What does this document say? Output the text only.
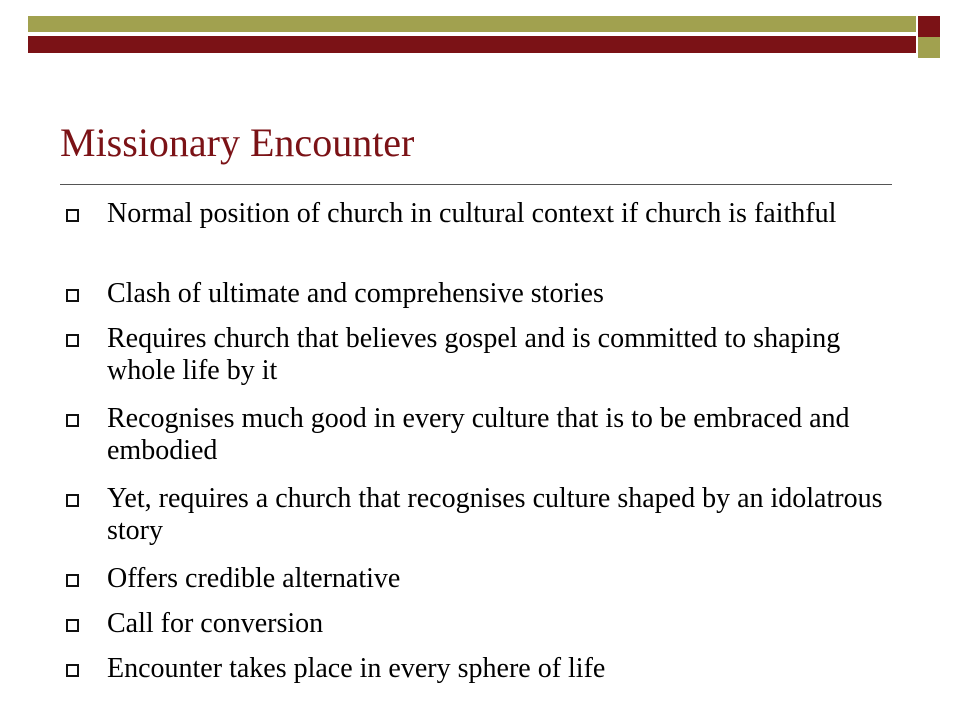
Missionary Encounter
Normal position of church in cultural context if church is faithful
Clash of ultimate and comprehensive stories
Requires church that believes gospel and is committed to shaping whole life by it
Recognises much good in every culture that is to be embraced and embodied
Yet, requires a church that recognises culture shaped by an idolatrous story
Offers credible alternative
Call for conversion
Encounter takes place in every sphere of life
